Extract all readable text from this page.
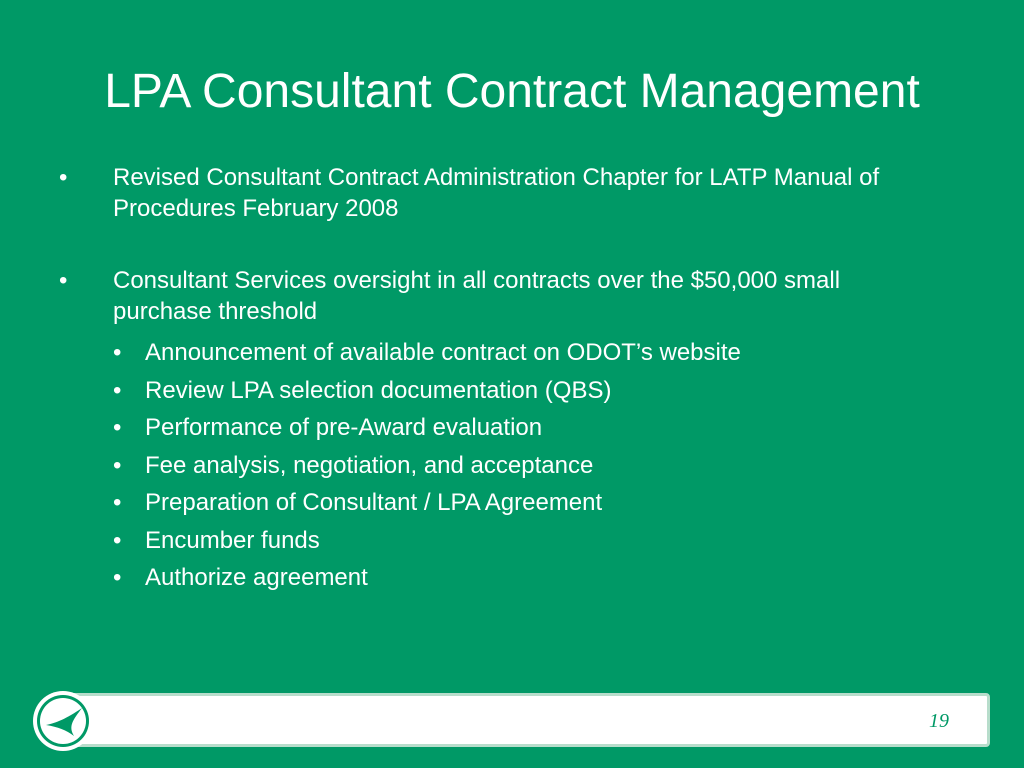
LPA Consultant Contract Management
• Revised Consultant Contract Administration Chapter for LATP Manual of Procedures February 2008
• Consultant Services oversight in all contracts over the $50,000 small purchase threshold
• Announcement of available contract on ODOT’s website
• Review LPA selection documentation (QBS)
• Performance of pre-Award evaluation
• Fee analysis, negotiation, and acceptance
• Preparation of Consultant / LPA Agreement
• Encumber funds
• Authorize agreement
19
